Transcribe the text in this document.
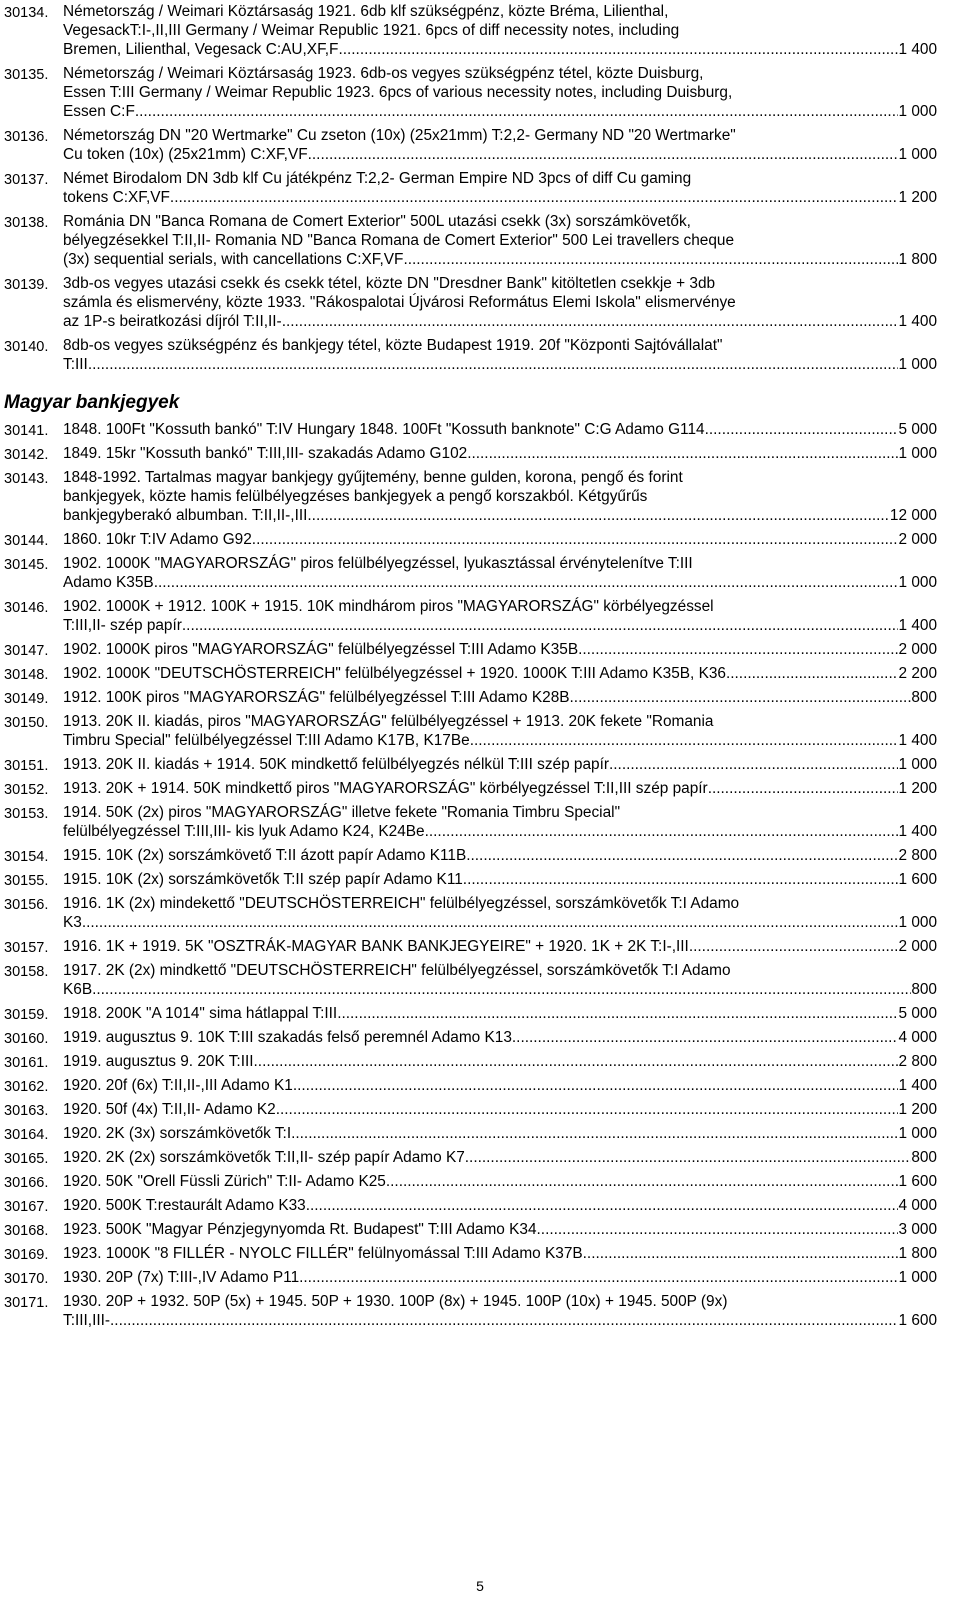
30134. Németország / Weimari Köztársaság 1921. 6db klf szükségpénz, közte Bréma, Lilienthal,
VegesackT:I-,II,III Germany / Weimar Republic 1921. 6pcs of diff necessity notes, including
Bremen, Lilienthal, Vegesack C:AU,XF,F .....	1 400
30135. Németország / Weimari Köztársaság 1923. 6db-os vegyes szükségpénz tétel, közte Duisburg,
Essen T:III Germany / Weimar Republic 1923. 6pcs of various necessity notes, including Duisburg,
Essen C:F .....	1 000
30136. Németország DN "20 Wertmarke" Cu zseton (10x) (25x21mm) T:2,2- Germany ND "20 Wertmarke"
Cu token (10x) (25x21mm) C:XF,VF .....	1 000
30137. Német Birodalom DN 3db klf Cu játékpénz T:2,2- German Empire ND 3pcs of diff Cu gaming
tokens C:XF,VF .....	1 200
30138. Románia DN "Banca Romana de Comert Exterior" 500L utazási csekk (3x) sorszámkövetők,
bélyegzésekkel T:II,II- Romania ND "Banca Romana de Comert Exterior" 500 Lei travellers cheque
(3x) sequential serials, with cancellations C:XF,VF .....	1 800
30139. 3db-os vegyes utazási csekk és csekk tétel, közte DN "Dresdner Bank" kitöltetlen csekkje + 3db
számla és elismervény, közte 1933. "Rákospalotai Újvárosi Református Elemi Iskola" elismervénye
az 1P-s beiratkozási díjról T:II,II- .....	1 400
30140. 8db-os vegyes szükségpénz és bankjegy tétel, közte Budapest 1919. 20f "Központi Sajtóvállalat"
T:III .....	1 000
Magyar bankjegyek
30141. 1848. 100Ft "Kossuth bankó" T:IV Hungary 1848. 100Ft "Kossuth banknote" C:G Adamo G114 .....	5 000
30142. 1849. 15kr "Kossuth bankó" T:III,III- szakadás Adamo G102 .....	1 000
30143. 1848-1992. Tartalmas magyar bankjegy gyűjtemény, benne gulden, korona, pengő és forint
bankjegyek, közte hamis felülbélyegzéses bankjegyek a pengő korszakból. Kétgyűrűs
bankjegyberakó albumban. T:II,II-,III .....	12 000
30144. 1860. 10kr T:IV Adamo G92 .....	2 000
30145. 1902. 1000K "MAGYARORSZÁG" piros felülbélyegzéssel, lyukasztással érvénytelenítve T:III
Adamo K35B .....	1 000
30146. 1902. 1000K + 1912. 100K + 1915. 10K mindhárom piros "MAGYARORSZÁG" körbélyegzéssel
T:III,II- szép papír .....	1 400
30147. 1902. 1000K piros "MAGYARORSZÁG" felülbélyegzéssel T:III Adamo K35B .....	2 000
30148. 1902. 1000K "DEUTSCHÖSTERREICH" felülbélyegzéssel + 1920. 1000K T:III Adamo K35B, K36 .....	2 200
30149. 1912. 100K piros "MAGYARORSZÁG" felülbélyegzéssel T:III Adamo K28B .....	800
30150. 1913. 20K II. kiadás, piros "MAGYARORSZÁG" felülbélyegzéssel + 1913. 20K fekete "Romania
Timbru Special" felülbélyegzéssel T:III Adamo K17B, K17Be .....	1 400
30151. 1913. 20K II. kiadás + 1914. 50K mindkettő felülbélyegzés nélkül T:III szép papír .....	1 000
30152. 1913. 20K + 1914. 50K mindkettő piros "MAGYARORSZÁG" körbélyegzéssel T:II,III szép papír .....	1 200
30153. 1914. 50K (2x) piros "MAGYARORSZÁG" illetve fekete "Romania Timbru Special"
felülbélyegzéssel T:III,III- kis lyuk Adamo K24, K24Be .....	1 400
30154. 1915. 10K (2x) sorszámkövető T:II ázott papír Adamo K11B .....	2 800
30155. 1915. 10K (2x) sorszámkövetők T:II szép papír Adamo K11 .....	1 600
30156. 1916. 1K (2x) mindekettő "DEUTSCHÖSTERREICH" felülbélyegzéssel, sorszámkövetők T:I Adamo
K3 .....	1 000
30157. 1916. 1K + 1919. 5K "OSZTRÁK-MAGYAR BANK BANKJEGYEIRE" + 1920. 1K + 2K T:I-,III .....	2 000
30158. 1917. 2K (2x) mindkettő "DEUTSCHÖSTERREICH" felülbélyegzéssel, sorszámkövetők T:I Adamo
K6B .....	800
30159. 1918. 200K "A 1014" sima hátlappal T:III .....	5 000
30160. 1919. augusztus 9. 10K T:III szakadás felső peremnél Adamo K13 .....	4 000
30161. 1919. augusztus 9. 20K T:III .....	2 800
30162. 1920. 20f (6x) T:II,II-,III Adamo K1 .....	1 400
30163. 1920. 50f (4x) T:II,II- Adamo K2 .....	1 200
30164. 1920. 2K (3x) sorszámkövetők T:I .....	1 000
30165. 1920. 2K (2x) sorszámkövetők T:II,II- szép papír Adamo K7 .....	800
30166. 1920. 50K "Orell Füssli Zürich" T:II- Adamo K25 .....	1 600
30167. 1920. 500K T:restaurált Adamo K33 .....	4 000
30168. 1923. 500K "Magyar Pénzjegynyomda Rt. Budapest" T:III Adamo K34 .....	3 000
30169. 1923. 1000K "8 FILLÉR - NYOLC FILLÉR" felülnyomással T:III Adamo K37B .....	1 800
30170. 1930. 20P (7x) T:III-,IV Adamo P11 .....	1 000
30171. 1930. 20P + 1932. 50P (5x) + 1945. 50P + 1930. 100P (8x) + 1945. 100P (10x) + 1945. 500P (9x)
T:III,III- .....	1 600
5
